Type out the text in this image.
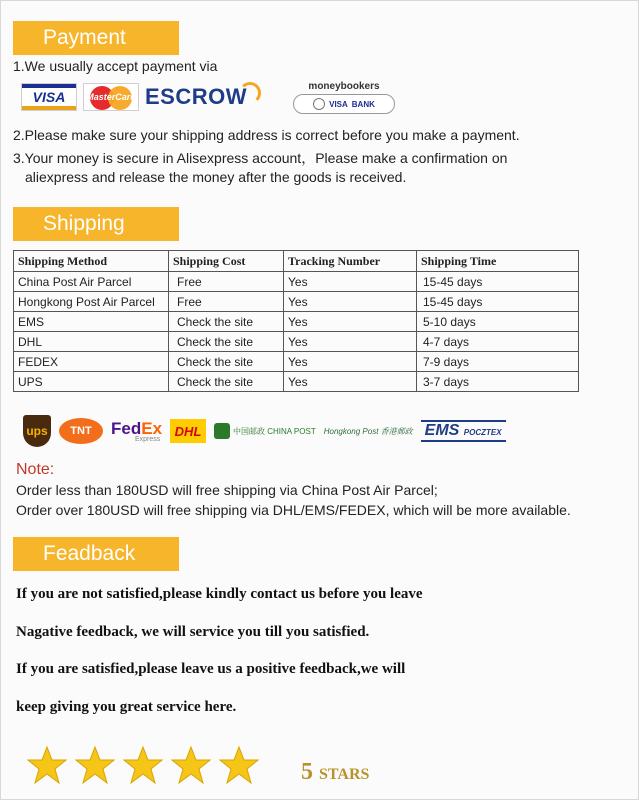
Payment
1.We usually accept payment via
VISA MasterCard ESCROW	moneybookers
VISA BANK
2.Please make sure your shipping address is correct before you make a payment.
3.Your money is secure in Alisexpress account，Please make a confirmation on
aliexpress and release the money after the goods is received.
Shipping
Shipping Method	Shipping Cost	Tracking Number	Shipping Time
China Post Air Parcel	Free	Yes	15-45 days
Hongkong Post Air Parcel	Free	Yes	15-45 days
EMS	Check the site	Yes	5-10 days
DHL	Check the site	Yes	4-7 days
FEDEX	Check the site	Yes	7-9 days
UPS	Check the site	Yes	3-7 days
ups	TNT	FedEx
Express
DHL	中国邮政 CHINA POST Hongkong Post 香港郵政 EMS POCZTEX
Note:
Order less than 180USD will free shipping via China Post Air Parcel;
Order over 180USD will free shipping via DHL/EMS/FEDEX, which will be more available.
Feadback
If you are not satisfied,please kindly contact us before you leave
Nagative feedback, we will service you till you satisfied.
If you are satisfied,please leave us a positive feedback,we will
keep giving you great service here.
5 STARS
